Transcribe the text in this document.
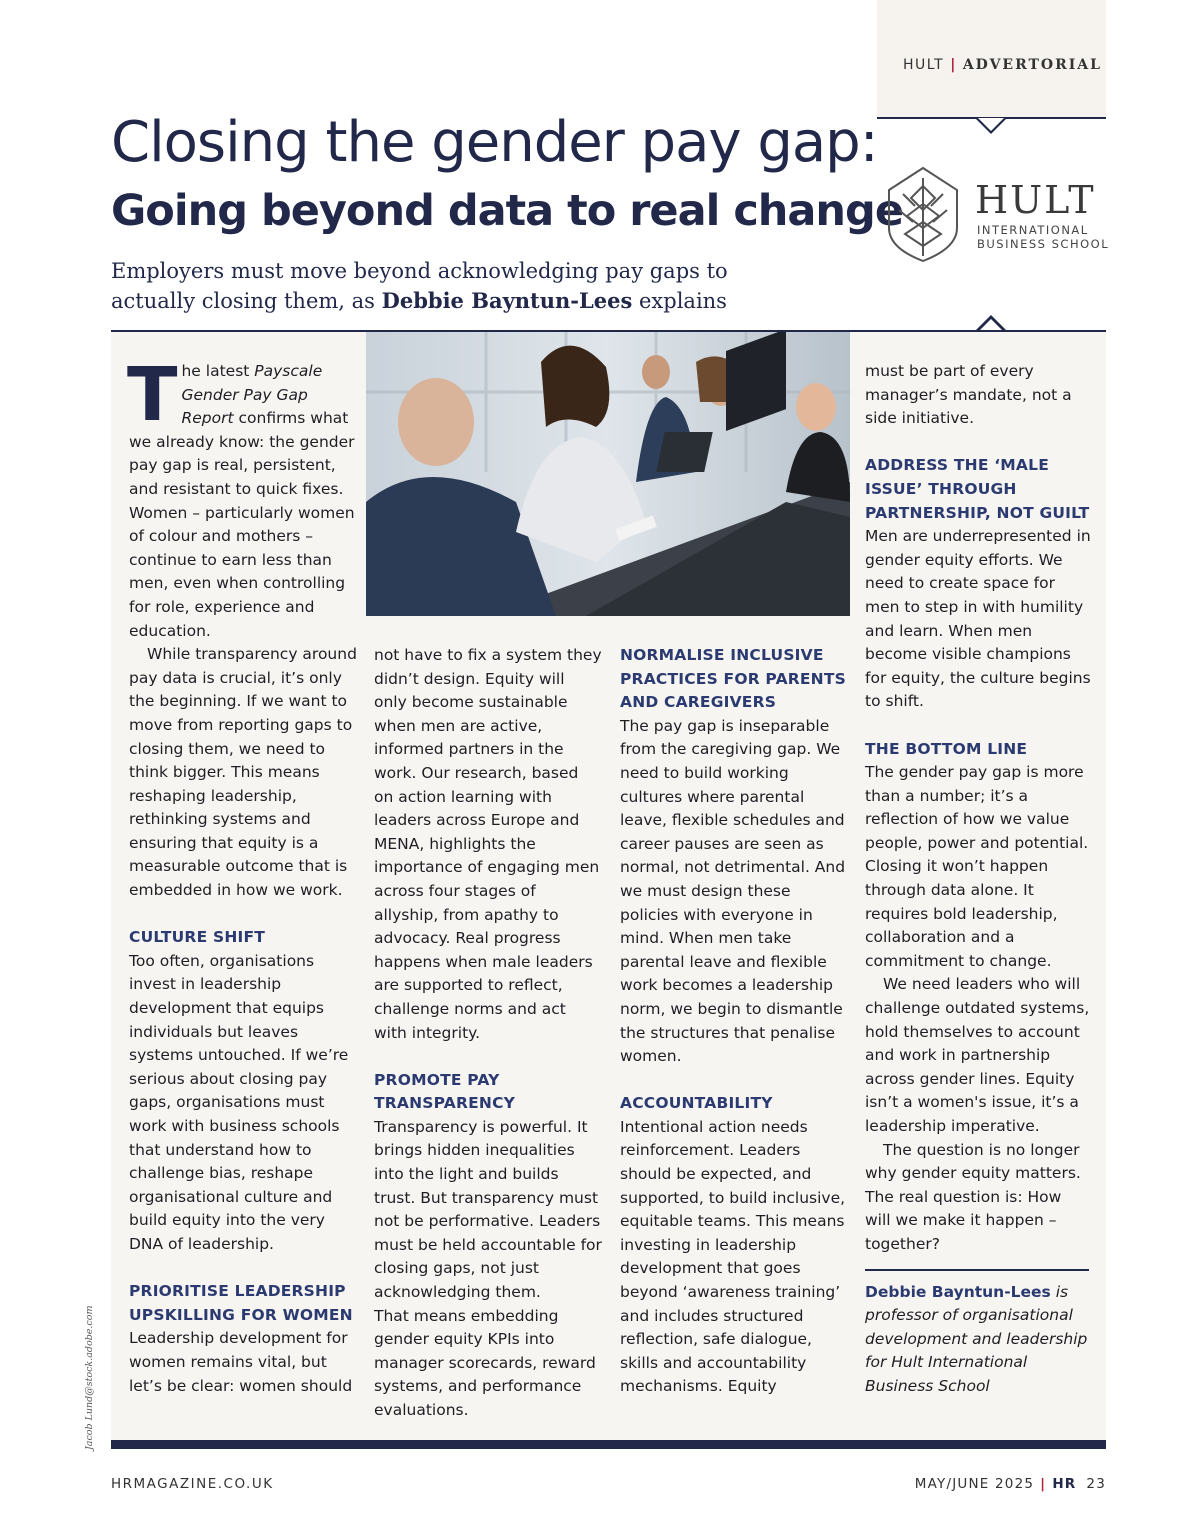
HULT | ADVERTORIAL
Closing the gender pay gap:
Going beyond data to real change

Employers must move beyond acknowledging pay gaps to actually closing them, as Debbie Bayntun-Lees explains

HULT
INTERNATIONAL
BUSINESS SCHOOL

The latest Payscale Gender Pay Gap Report confirms what we already know: the gender pay gap is real, persistent, and resistant to quick fixes. Women – particularly women of colour and mothers – continue to earn less than men, even when controlling for role, experience and education.

While transparency around pay data is crucial, it’s only the beginning. If we want to move from reporting gaps to closing them, we need to think bigger. This means reshaping leadership, rethinking systems and ensuring that equity is a measurable outcome that is embedded in how we work.

CULTURE SHIFT

Too often, organisations invest in leadership development that equips individuals but leaves systems untouched. If we’re serious about closing pay gaps, organisations must work with business schools that understand how to challenge bias, reshape organisational culture and build equity into the very DNA of leadership.

PRIORITISE LEADERSHIP UPSKILLING FOR WOMEN

Leadership development for women remains vital, but let’s be clear: women should

not have to fix a system they didn’t design. Equity will only become sustainable when men are active, informed partners in the work. Our research, based on action learning with leaders across Europe and MENA, highlights the importance of engaging men across four stages of allyship, from apathy to advocacy. Real progress happens when male leaders are supported to reflect, challenge norms and act with integrity.

PROMOTE PAY TRANSPARENCY

Transparency is powerful. It brings hidden inequalities into the light and builds trust. But transparency must not be performative. Leaders must be held accountable for closing gaps, not just acknowledging them.

That means embedding gender equity KPIs into manager scorecards, reward systems, and performance evaluations.

NORMALISE INCLUSIVE PRACTICES FOR PARENTS AND CAREGIVERS

The pay gap is inseparable from the caregiving gap. We need to build working cultures where parental leave, flexible schedules and career pauses are seen as normal, not detrimental. And we must design these policies with everyone in mind. When men take parental leave and flexible work becomes a leadership norm, we begin to dismantle the structures that penalise women.

ACCOUNTABILITY

Intentional action needs reinforcement. Leaders should be expected, and supported, to build inclusive, equitable teams. This means investing in leadership development that goes beyond ‘awareness training’ and includes structured reflection, safe dialogue, skills and accountability mechanisms. Equity

must be part of every manager’s mandate, not a side initiative.

ADDRESS THE ‘MALE ISSUE’ THROUGH PARTNERSHIP, NOT GUILT

Men are underrepresented in gender equity efforts. We need to create space for men to step in with humility and learn. When men become visible champions for equity, the culture begins to shift.

THE BOTTOM LINE

The gender pay gap is more than a number; it’s a reflection of how we value people, power and potential. Closing it won’t happen through data alone. It requires bold leadership, collaboration and a commitment to change.

We need leaders who will challenge outdated systems, hold themselves to account and work in partnership across gender lines. Equity isn’t a women's issue, it’s a leadership imperative.

The question is no longer why gender equity matters. The real question is: How will we make it happen – together?

Debbie Bayntun-Lees is professor of organisational development and leadership for Hult International Business School

Jacob Lund@stock.adobe.com
HRMAGAZINE.CO.UK	MAY/JUNE 2025 | HR 23
